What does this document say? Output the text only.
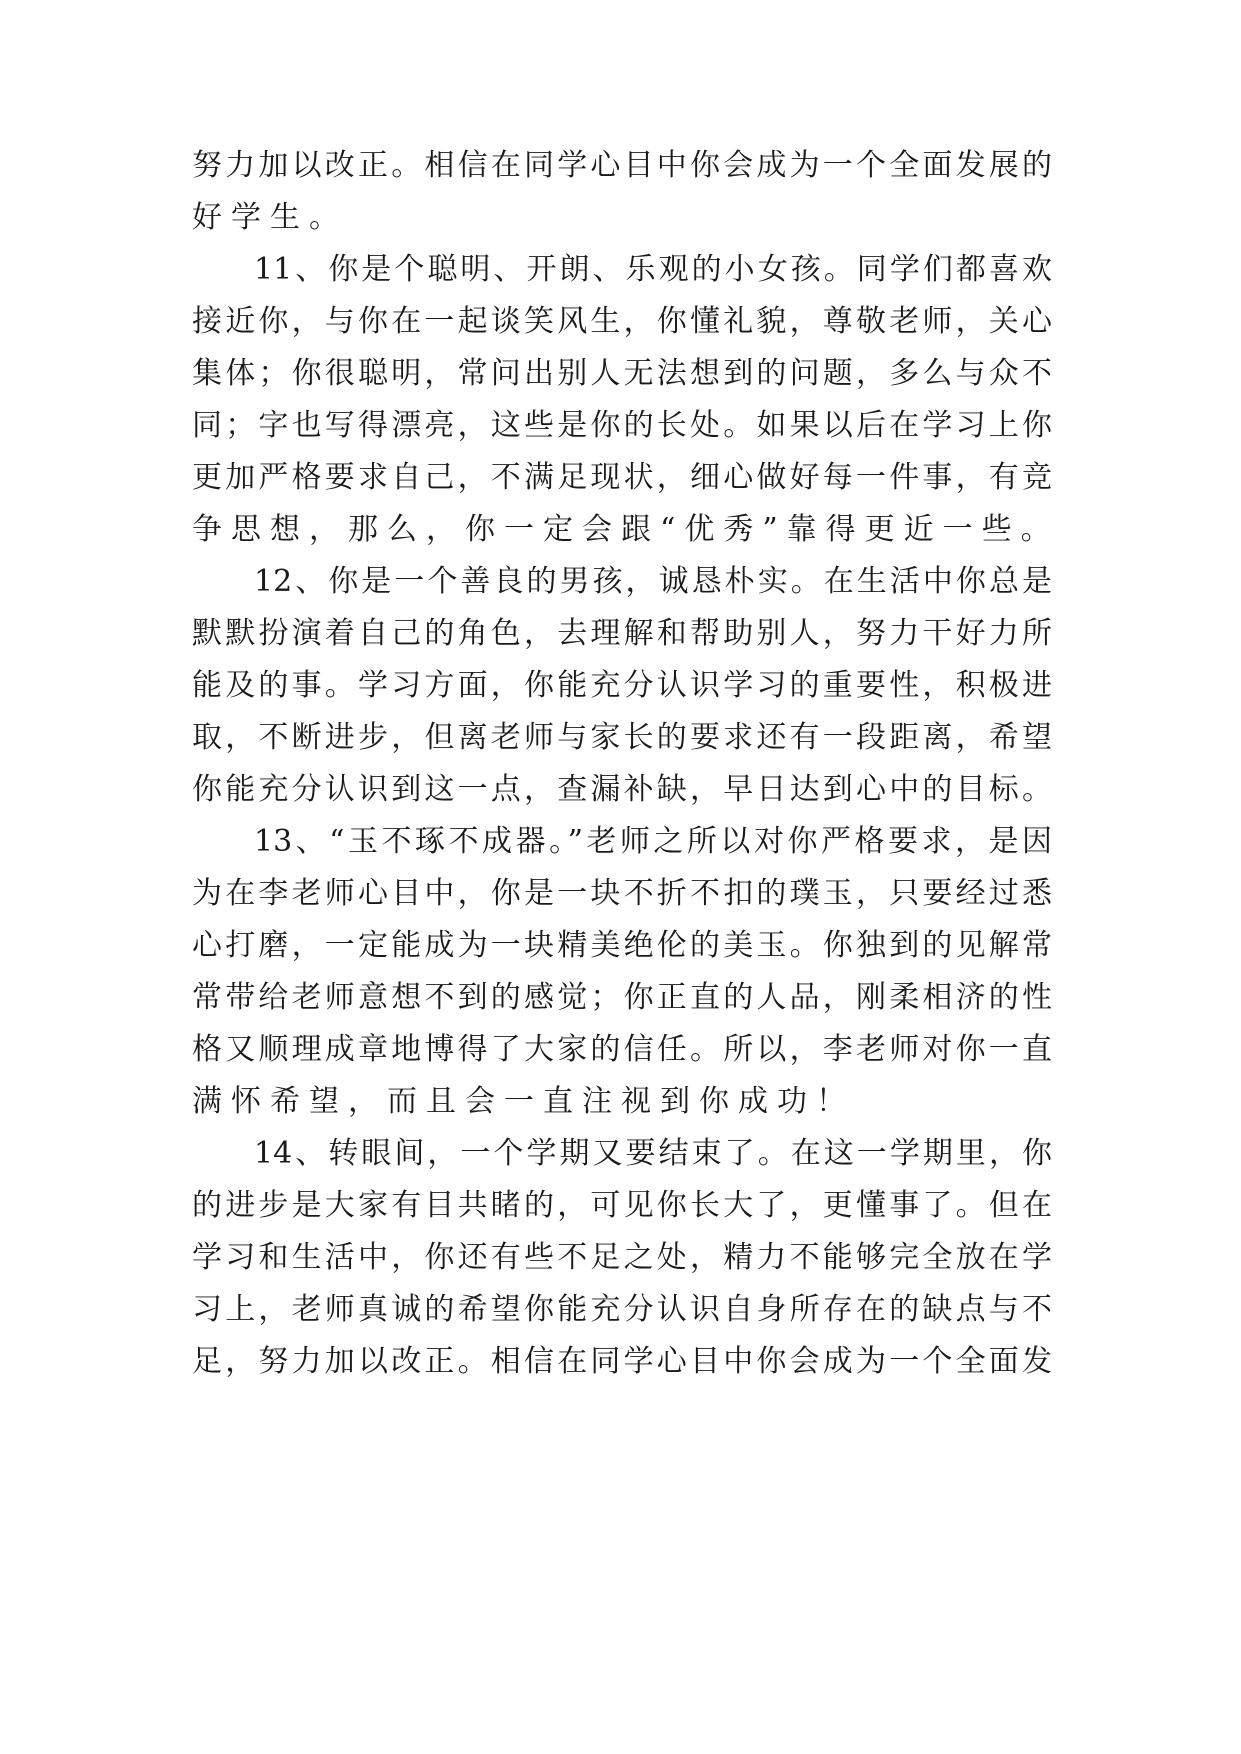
努力加以改正。相信在同学心目中你会成为一个全面发展的
好学生。
11、你是个聪明、开朗、乐观的小女孩。同学们都喜欢
接近你，与你在一起谈笑风生，你懂礼貌，尊敬老师，关心
集体；你很聪明，常问出别人无法想到的问题，多么与众不
同；字也写得漂亮，这些是你的长处。如果以后在学习上你
更加严格要求自己，不满足现状，细心做好每一件事，有竞
争思想，那么，你一定会跟“优秀”靠得更近一些。
12、你是一个善良的男孩，诚恳朴实。在生活中你总是
默默扮演着自己的角色，去理解和帮助别人，努力干好力所
能及的事。学习方面，你能充分认识学习的重要性，积极进
取，不断进步，但离老师与家长的要求还有一段距离，希望
你能充分认识到这一点，查漏补缺，早日达到心中的目标。
13、“玉不琢不成器。”老师之所以对你严格要求，是因
为在李老师心目中，你是一块不折不扣的璞玉，只要经过悉
心打磨，一定能成为一块精美绝伦的美玉。你独到的见解常
常带给老师意想不到的感觉；你正直的人品，刚柔相济的性
格又顺理成章地博得了大家的信任。所以，李老师对你一直
满怀希望，而且会一直注视到你成功！
14、转眼间，一个学期又要结束了。在这一学期里，你
的进步是大家有目共睹的，可见你长大了，更懂事了。但在
学习和生活中，你还有些不足之处，精力不能够完全放在学
习上，老师真诚的希望你能充分认识自身所存在的缺点与不
足，努力加以改正。相信在同学心目中你会成为一个全面发
